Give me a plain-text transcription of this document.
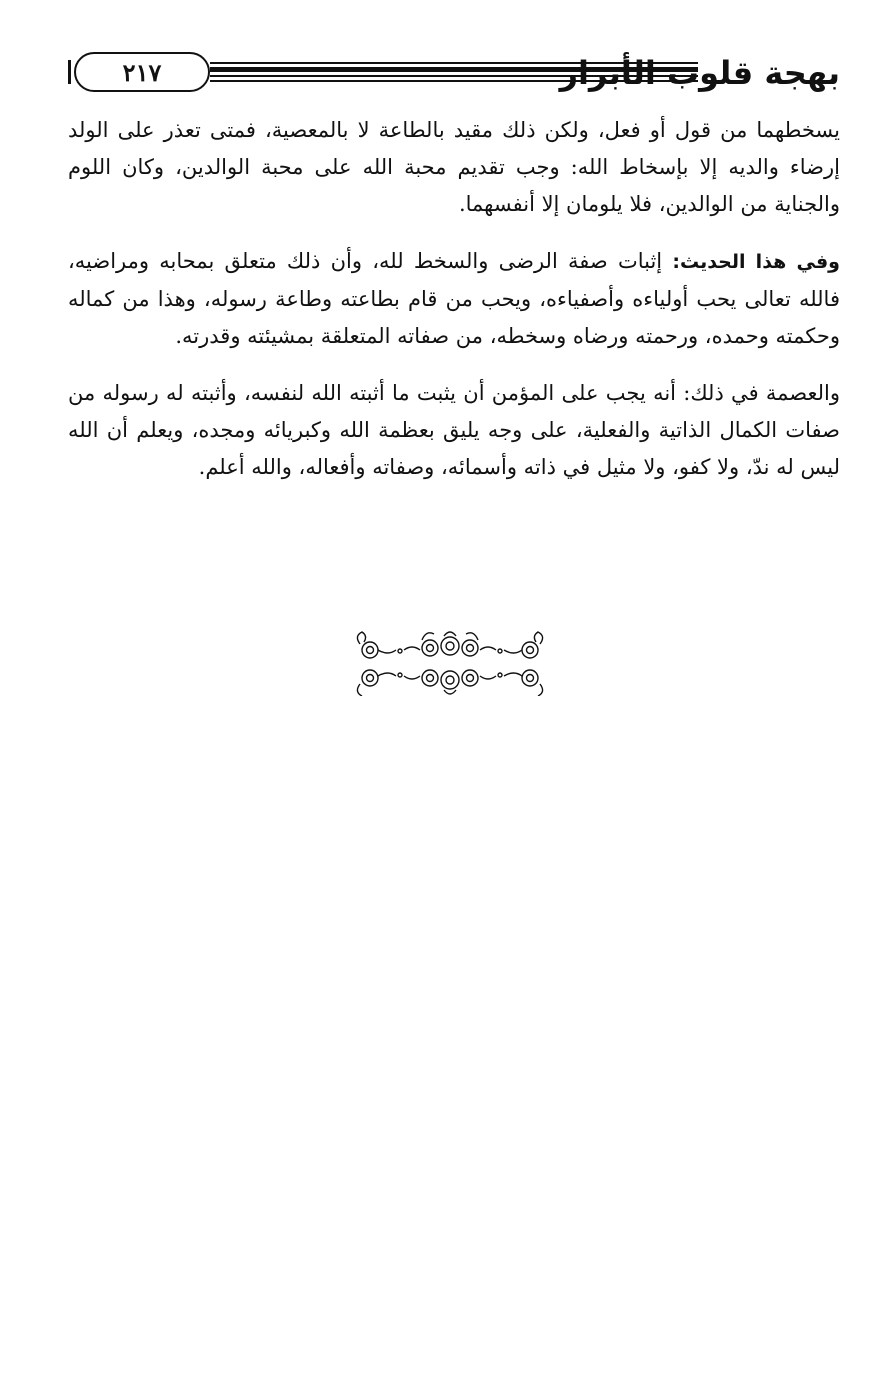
٢١٧	بهجة قلوب الأبرار

يسخطهما من قول أو فعل، ولكن ذلك مقيد بالطاعة لا بالمعصية، فمتى تعذر على الولد إرضاء والديه إلا بإسخاط الله: وجب تقديم محبة الله على محبة الوالدين، وكان اللوم والجناية من الوالدين، فلا يلومان إلا أنفسهما.

وفي هذا الحديث: إثبات صفة الرضى والسخط لله، وأن ذلك متعلق بمحابه ومراضيه، فالله تعالى يحب أولياءه وأصفياءه، ويحب من قام بطاعته وطاعة رسوله، وهذا من كماله وحكمته وحمده، ورحمته ورضاه وسخطه، من صفاته المتعلقة بمشيئته وقدرته.

والعصمة في ذلك: أنه يجب على المؤمن أن يثبت ما أثبته الله لنفسه، وأثبته له رسوله من صفات الكمال الذاتية والفعلية، على وجه يليق بعظمة الله وكبريائه ومجده، ويعلم أن الله ليس له ندّ، ولا كفو، ولا مثيل في ذاته وأسمائه، وصفاته وأفعاله، والله أعلم.
